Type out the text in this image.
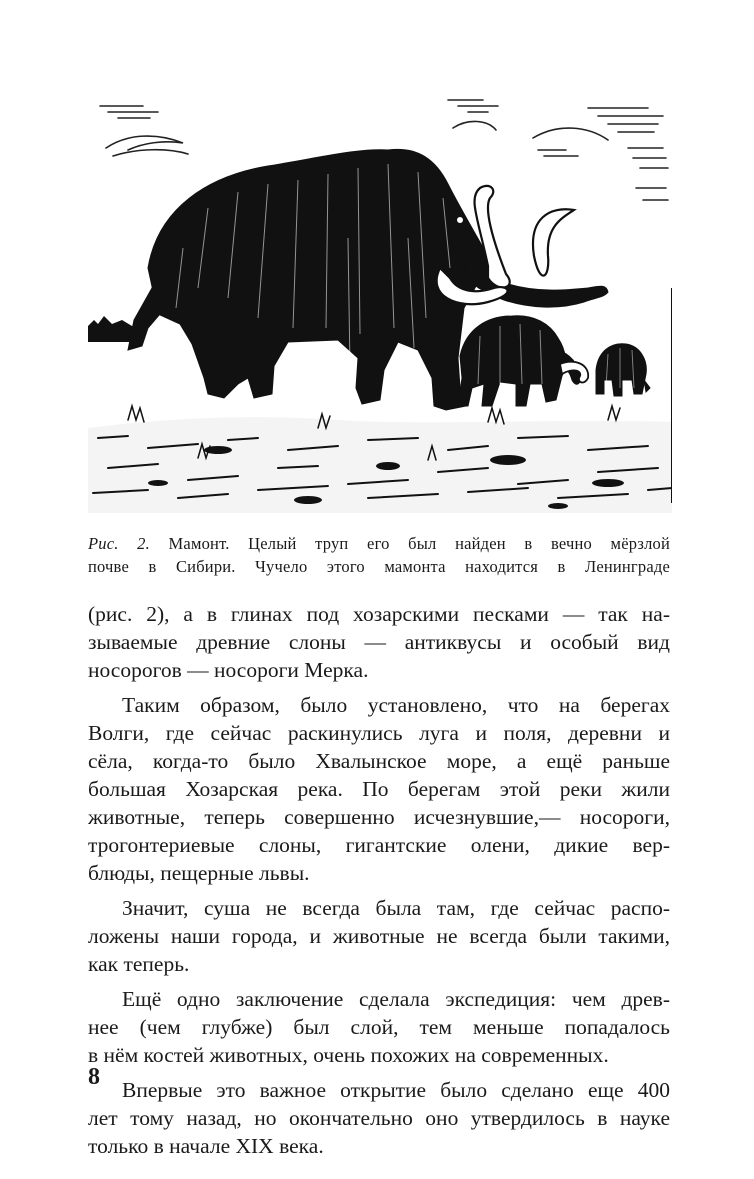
Рис. 2. Мамонт. Целый труп его был найден в вечно мёрзлой
почве в Сибири. Чучело этого мамонта находится в Ленинграде
(рис. 2), а в глинах под хозарскими песками — так на-
зываемые древние слоны — антиквусы и особый вид
носорогов — носороги Мерка.
Таким образом, было установлено, что на берегах
Волги, где сейчас раскинулись луга и поля, деревни и
сёла, когда-то было Хвалынское море, а ещё раньше
большая Хозарская река. По берегам этой реки жили
животные, теперь совершенно исчезнувшие,— носороги,
трогонтериевые слоны, гигантские олени, дикие вер-
блюды, пещерные львы.
Значит, суша не всегда была там, где сейчас распо-
ложены наши города, и животные не всегда были такими,
как теперь.
Ещё одно заключение сделала экспедиция: чем древ-
нее (чем глубже) был слой, тем меньше попадалось
в нём костей животных, очень похожих на современных.
Впервые это важное открытие было сделано еще 400
лет тому назад, но окончательно оно утвердилось в науке
только в начале XIX века.
8
